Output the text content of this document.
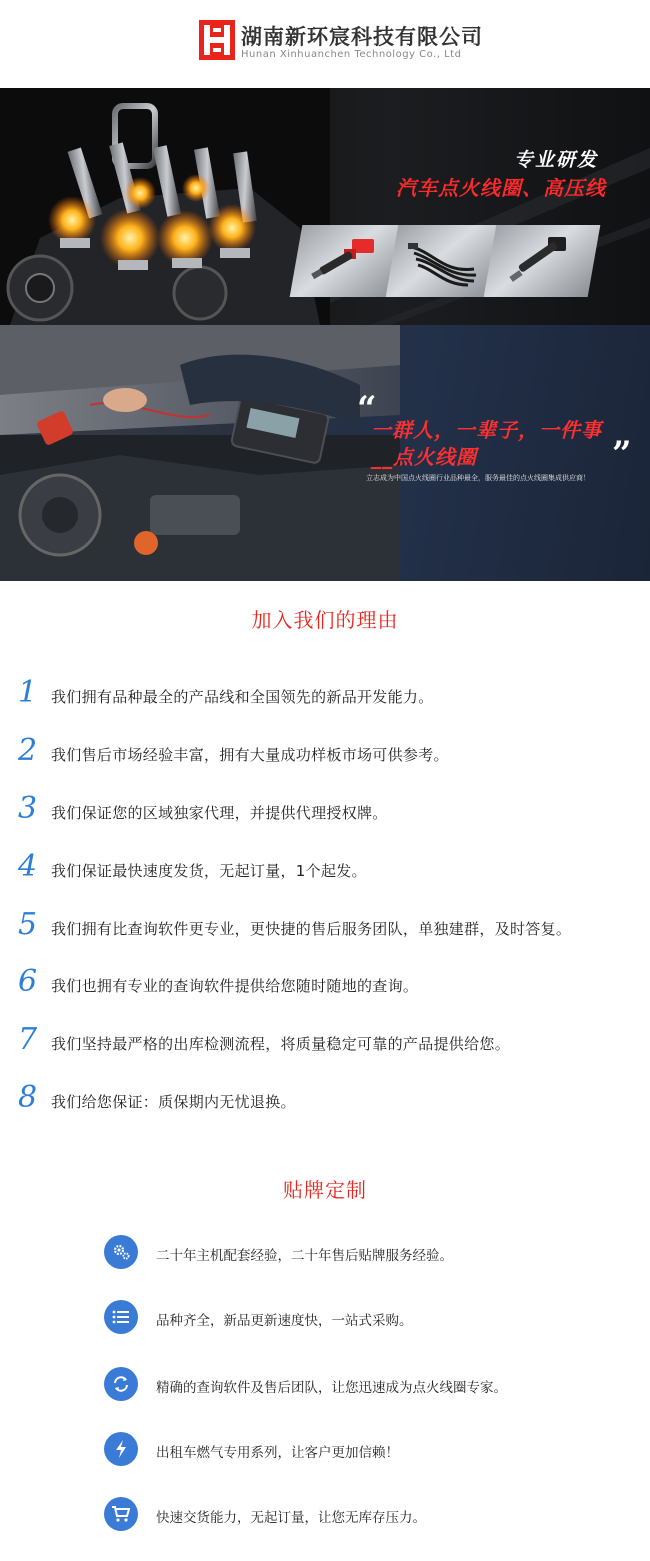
湖南新环宸科技有限公司
Hunan Xinhuanchen Technology Co., Ltd
专业研发
汽车点火线圈、高压线
“
一群人，一辈子，一件事
__点火线圈	”
立志成为中国点火线圈行业品种最全，服务最佳的点火线圈集成供应商！
加入我们的理由
1 我们拥有品种最全的产品线和全国领先的新品开发能力。
2 我们售后市场经验丰富，拥有大量成功样板市场可供参考。
3 我们保证您的区域独家代理，并提供代理授权牌。
4 我们保证最快速度发货，无起订量，1个起发。
5 我们拥有比查询软件更专业，更快捷的售后服务团队，单独建群，及时答复。
6 我们也拥有专业的查询软件提供给您随时随地的查询。
7 我们坚持最严格的出库检测流程，将质量稳定可靠的产品提供给您。
8 我们给您保证：质保期内无忧退换。
贴牌定制
二十年主机配套经验，二十年售后贴牌服务经验。
品种齐全，新品更新速度快，一站式采购。
精确的查询软件及售后团队，让您迅速成为点火线圈专家。
出租车燃气专用系列，让客户更加信赖！
快速交货能力，无起订量，让您无库存压力。
